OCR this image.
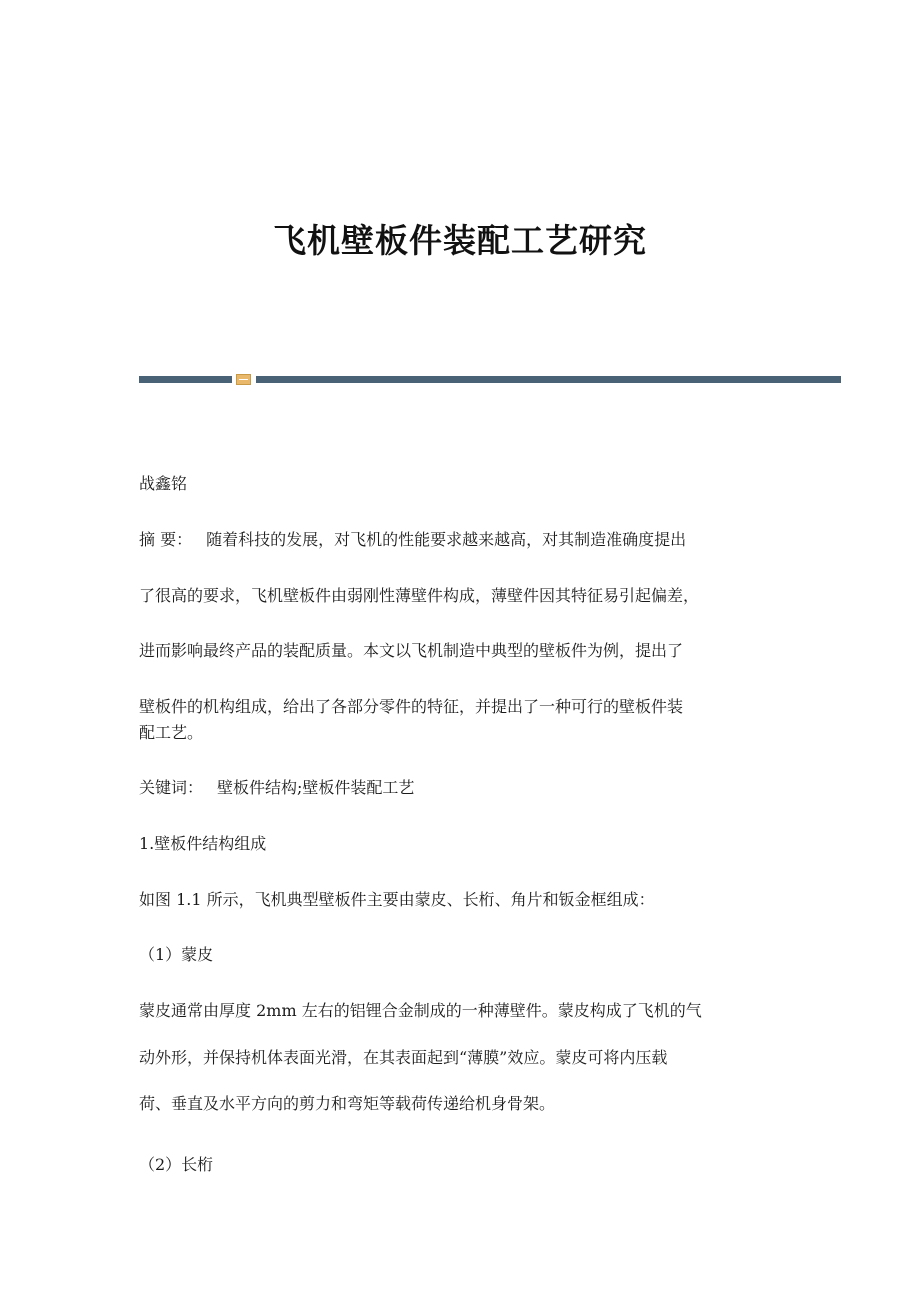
飞机壁板件装配工艺研究
战鑫铭
摘 要： 随着科技的发展，对飞机的性能要求越来越高，对其制造准确度提出
了很高的要求，飞机壁板件由弱刚性薄壁件构成，薄壁件因其特征易引起偏差，
进而影响最终产品的装配质量。本文以飞机制造中典型的壁板件为例，提出了
壁板件的机构组成，给出了各部分零件的特征，并提出了一种可行的壁板件装
配工艺。
关键词： 壁板件结构;壁板件装配工艺
1.壁板件结构组成
如图 1.1 所示，飞机典型壁板件主要由蒙皮、长桁、角片和钣金框组成：
（1）蒙皮
蒙皮通常由厚度 2mm 左右的铝锂合金制成的一种薄壁件。蒙皮构成了飞机的气
动外形，并保持机体表面光滑，在其表面起到“薄膜”效应。蒙皮可将内压载
荷、垂直及水平方向的剪力和弯矩等载荷传递给机身骨架。
（2）长桁
